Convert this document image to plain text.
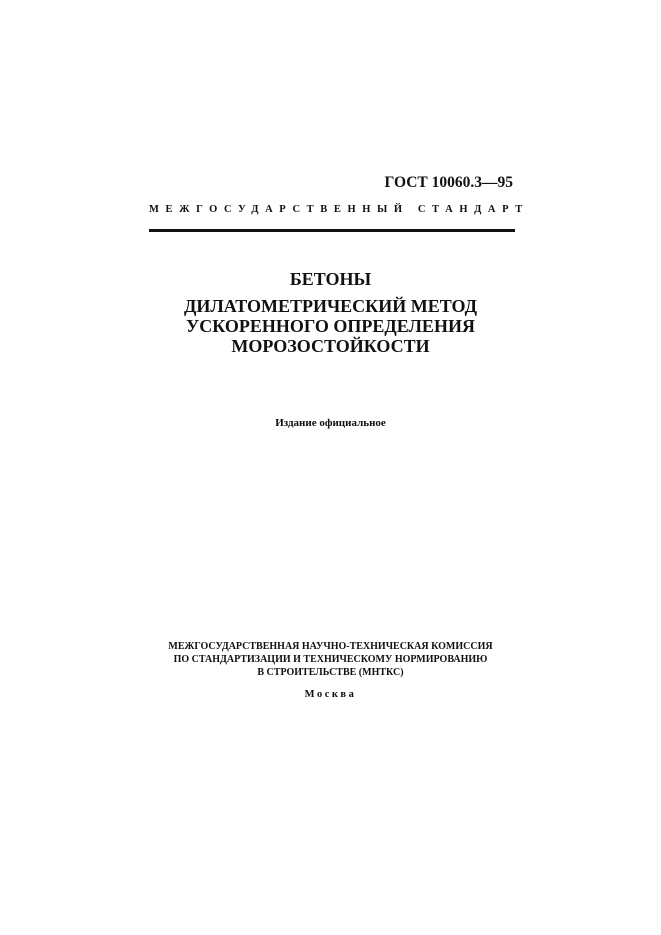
ГОСТ 10060.3—95
МЕЖГОСУДАРСТВЕННЫЙ СТАНДАРТ
БЕТОНЫ
ДИЛАТОМЕТРИЧЕСКИЙ МЕТОД
УСКОРЕННОГО ОПРЕДЕЛЕНИЯ
МОРОЗОСТОЙКОСТИ
Издание официальное
МЕЖГОСУДАРСТВЕННАЯ НАУЧНО-ТЕХНИЧЕСКАЯ КОМИССИЯ
ПО СТАНДАРТИЗАЦИИ И ТЕХНИЧЕСКОМУ НОРМИРОВАНИЮ
В СТРОИТЕЛЬСТВЕ (МНТКС)
Москва
